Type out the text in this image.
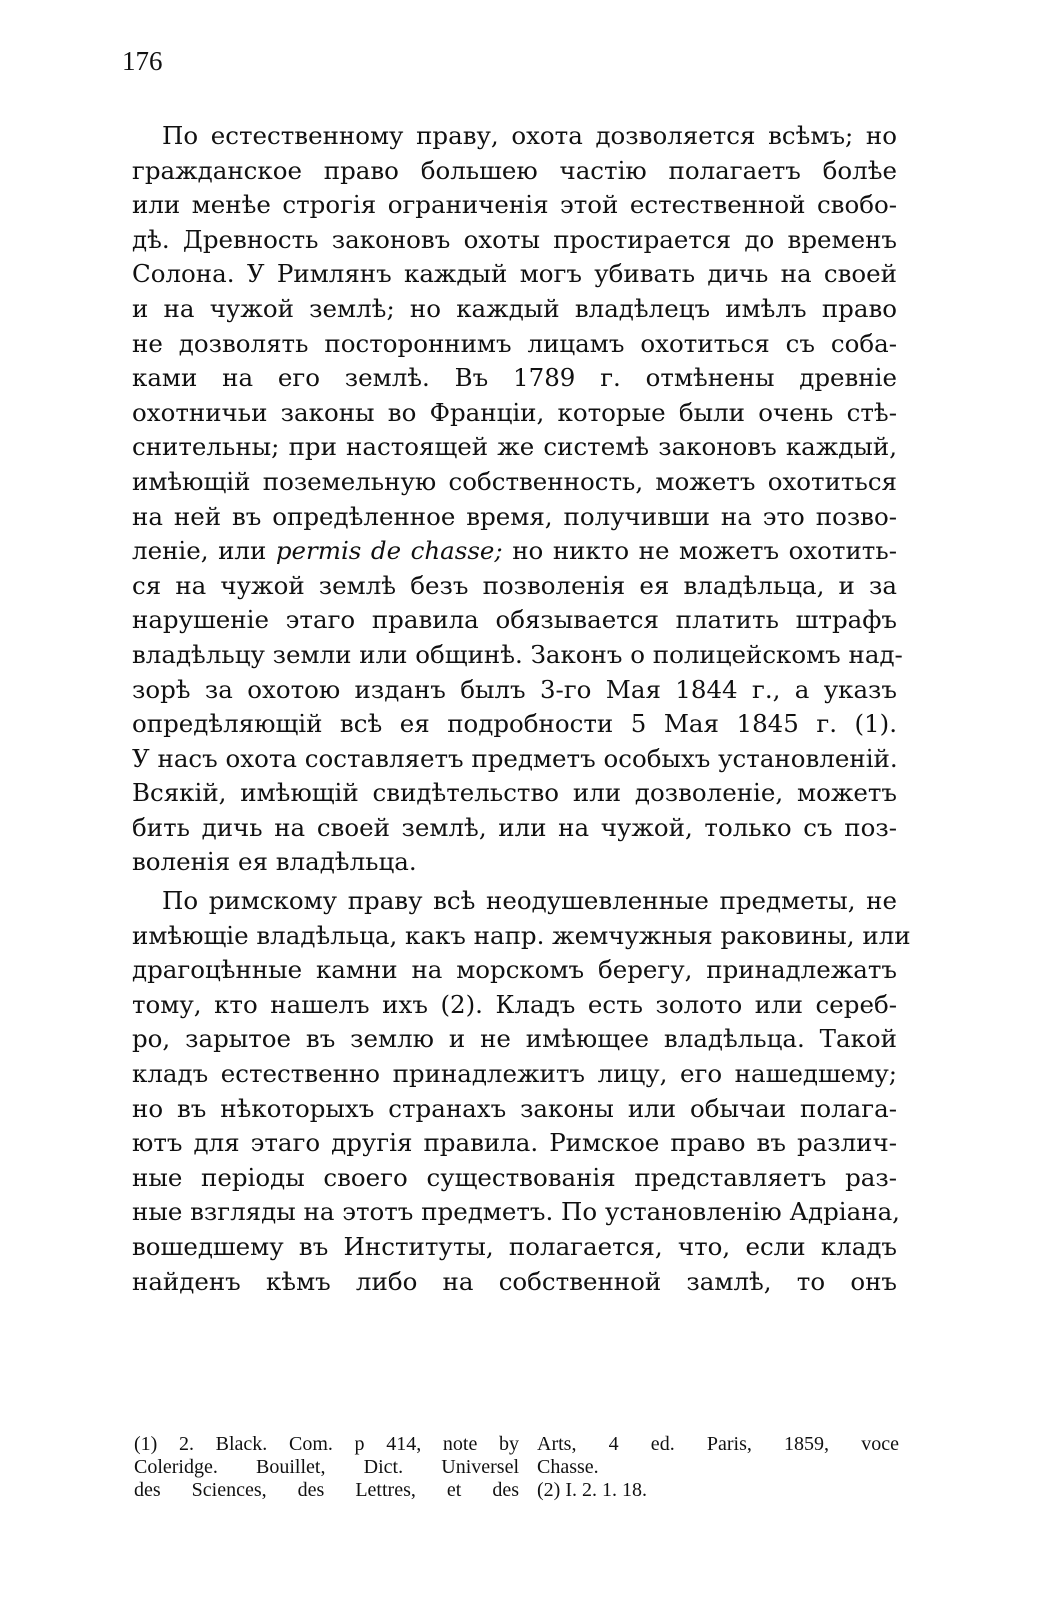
176
По естественному праву, охота дозволяется всѣмъ; но
гражданское право большею частію полагаетъ болѣе
или менѣе строгія ограниченія этой естественной свобо-
дѣ. Древность законовъ охоты простирается до временъ
Солона. У Римлянъ каждый могъ убивать дичь на своей
и на чужой землѣ; но каждый владѣлецъ имѣлъ право
не дозволять постороннимъ лицамъ охотиться съ соба-
ками на его землѣ. Въ 1789 г. отмѣнены древніе
охотничьи законы во Франціи, которые были очень стѣ-
снительны; при настоящей же системѣ законовъ каждый,
имѣющій поземельную собственность, можетъ охотиться
на ней въ опредѣленное время, получивши на это позво-
леніе, или permis de chasse; но никто не можетъ охотить-
ся на чужой землѣ безъ позволенія ея владѣльца, и за
нарушеніе этаго правила обязывается платить штрафъ
владѣльцу земли или общинѣ. Законъ о полицейскомъ над-
зорѣ за охотою изданъ былъ 3-го Мая 1844 г., а указъ
опредѣляющій всѣ ея подробности 5 Мая 1845 г. (1).
У насъ охота составляетъ предметъ особыхъ установленій.
Всякій, имѣющій свидѣтельство или дозволеніе, можетъ
бить дичь на своей землѣ, или на чужой, только съ поз-
воленія ея владѣльца.
По римскому праву всѣ неодушевленные предметы, не
имѣющіе владѣльца, какъ напр. жемчужныя раковины, или
драгоцѣнные камни на морскомъ берегу, принадлежатъ
тому, кто нашелъ ихъ (2). Кладъ есть золото или сереб-
ро, зарытое въ землю и не имѣющее владѣльца. Такой
кладъ естественно принадлежитъ лицу, его нашедшему;
но въ нѣкоторыхъ странахъ законы или обычаи полага-
ютъ для этаго другія правила. Римское право въ различ-
ные періоды своего существованія представляетъ раз-
ные взгляды на этотъ предметъ. По установленію Адріана,
вошедшему въ Институты, полагается, что, если кладъ
найденъ кѣмъ либо на собственной замлѣ, то онъ
(1) 2. Black. Com. p 414, note by Arts, 4 ed. Paris, 1859, voce
Coleridge. Bouillet, Dict. Universel Chasse.
des Sciences, des Lettres, et des (2) I. 2. 1. 18.
